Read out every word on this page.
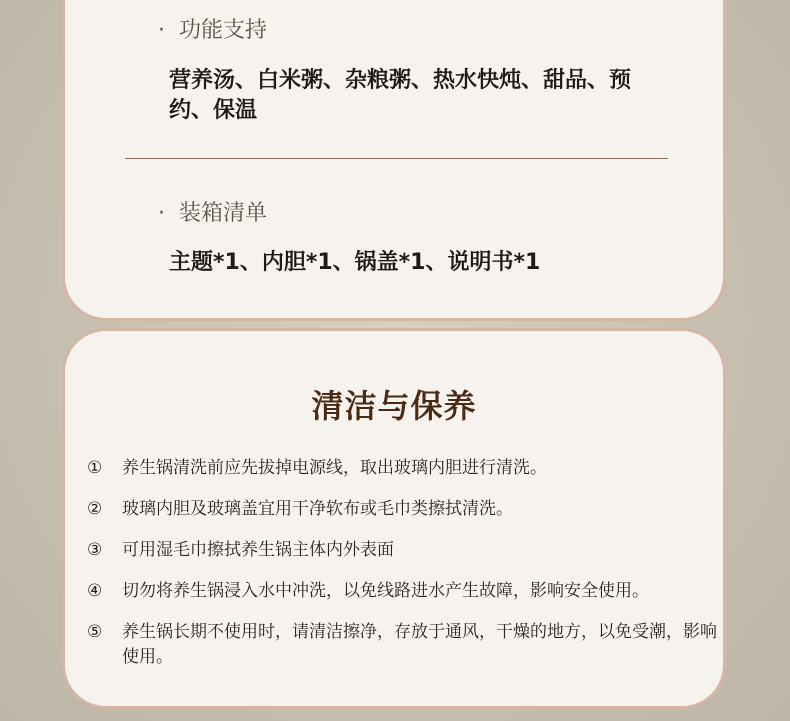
· 功能支持
营养汤、白米粥、杂粮粥、热水快炖、甜品、预约、保温
· 装箱清单
主题*1、内胆*1、锅盖*1、说明书*1
清洁与保养
①	养生锅清洗前应先拔掉电源线，取出玻璃内胆进行清洗。
②	玻璃内胆及玻璃盖宜用干净软布或毛巾类擦拭清洗。
③	可用湿毛巾擦拭养生锅主体内外表面
④	切勿将养生锅浸入水中冲洗，以免线路进水产生故障，影响安全使用。
⑤	养生锅长期不使用时，请清洁擦净，存放于通风，干燥的地方，以免受潮，影响使用。
